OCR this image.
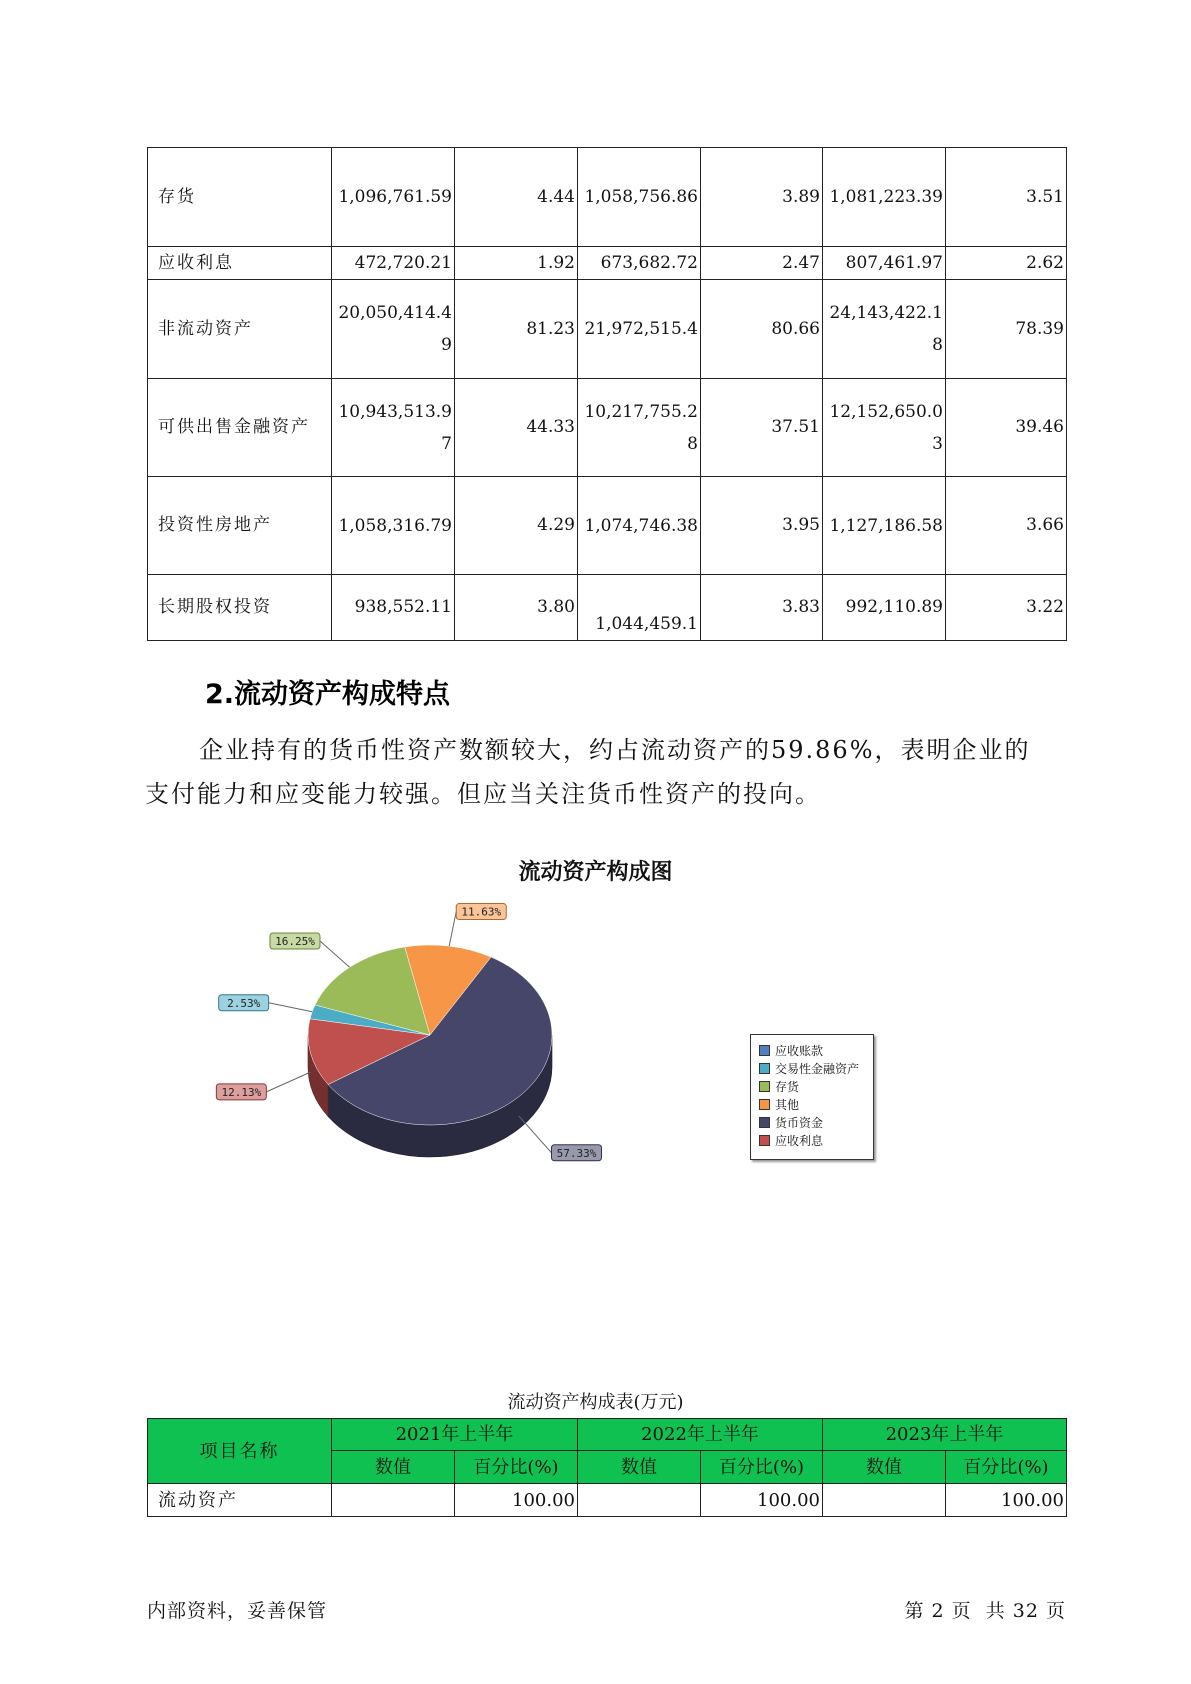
存货	1,096,761.59	4.44	1,058,756.86	3.89	1,081,223.39	3.51
应收利息	472,720.21	1.92	673,682.72	2.47	807,461.97	2.62
非流动资产	20,050,414.49	81.23	21,972,515.4	80.66	24,143,422.18	78.39
可供出售金融资产	10,943,513.97	44.33	10,217,755.28	37.51	12,152,650.03	39.46
投资性房地产	1,058,316.79	4.29	1,074,746.38	3.95	1,127,186.58	3.66
长期股权投资	938,552.11	3.80	1,044,459.1	3.83	992,110.89	3.22
2.流动资产构成特点

企业持有的货币性资产数额较大，约占流动资产的59.86%，表明企业的支付能力和应变能力较强。但应当关注货币性资产的投向。

流动资产构成图
57.33%
12.13%
2.53%
16.25%
11.63%
应收账款
交易性金融资产
存货
其他
货币资金
应收利息

流动资产构成表(万元)

项目名称	2021年上半年		2022年上半年		2023年上半年	
	数值	百分比(%)	数值	百分比(%)	数值	百分比(%)
流动资产		100.00		100.00		100.00
内部资料，妥善保管	第 2 页  共 32 页
